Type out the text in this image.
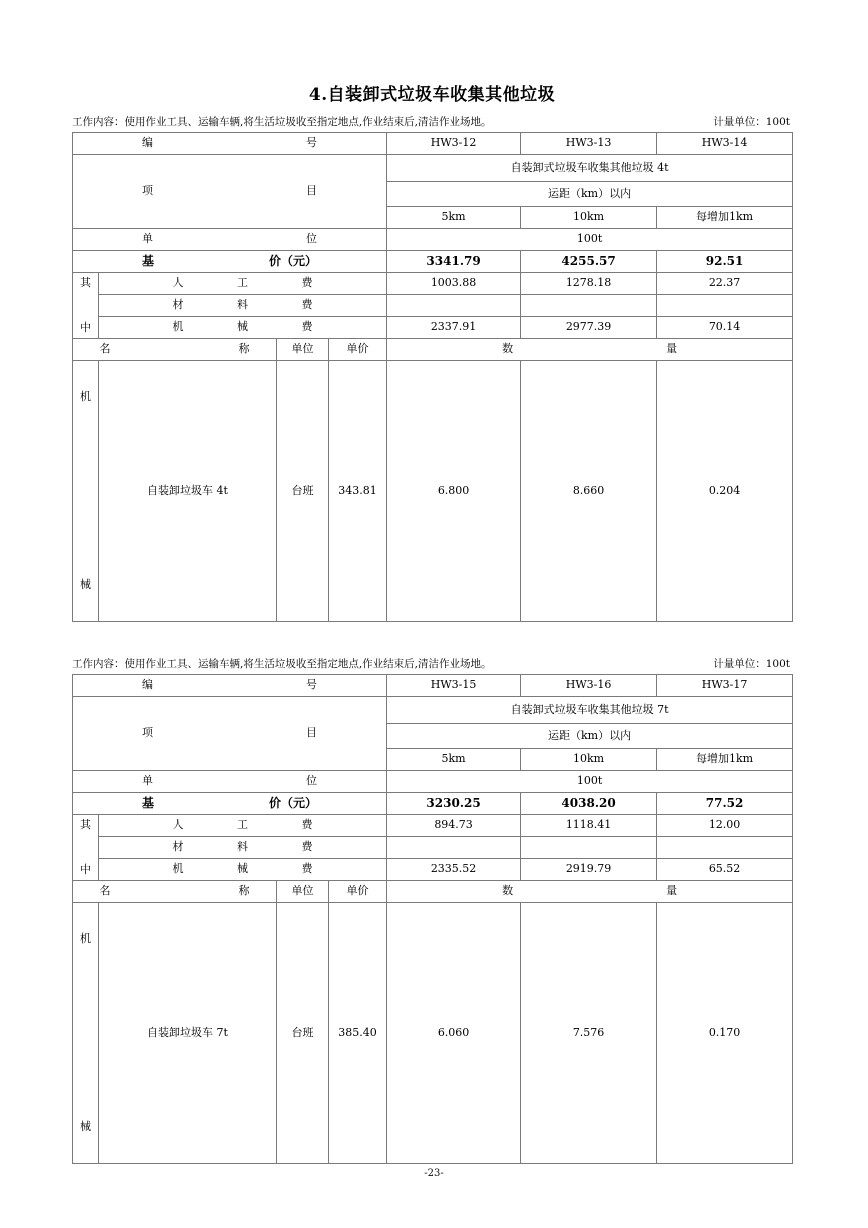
4.自装卸式垃圾车收集其他垃圾
工作内容：使用作业工具、运输车辆,将生活垃圾收至指定地点,作业结束后,清洁作业场地。	计量单位：100t
编 号				HW3-12	HW3-13	HW3-14

项 目				自装卸式垃圾车收集其他垃圾 4t		
				运距（km）以内		
				5km	10km	每增加1km

单 位				100t		

基 价（元）				3341.79	4255.57	92.51

其
中	人 工 费			1003.88	1278.18	22.37

	材 料 费					

	机 械 费			2337.91	2977.39	70.14

名 称		单位	单价	数 量		

机
械	自装卸垃圾车 4t	台班	343.81	6.800	8.660	0.204
工作内容：使用作业工具、运输车辆,将生活垃圾收至指定地点,作业结束后,清洁作业场地。	计量单位：100t
编 号				HW3-15	HW3-16	HW3-17

项 目				自装卸式垃圾车收集其他垃圾 7t		
				运距（km）以内		
				5km	10km	每增加1km

单 位				100t		

基 价（元）				3230.25	4038.20	77.52

其
中	人 工 费			894.73	1118.41	12.00

	材 料 费					

	机 械 费			2335.52	2919.79	65.52

名 称		单位	单价	数 量		

机
械	自装卸垃圾车 7t	台班	385.40	6.060	7.576	0.170
-23-
